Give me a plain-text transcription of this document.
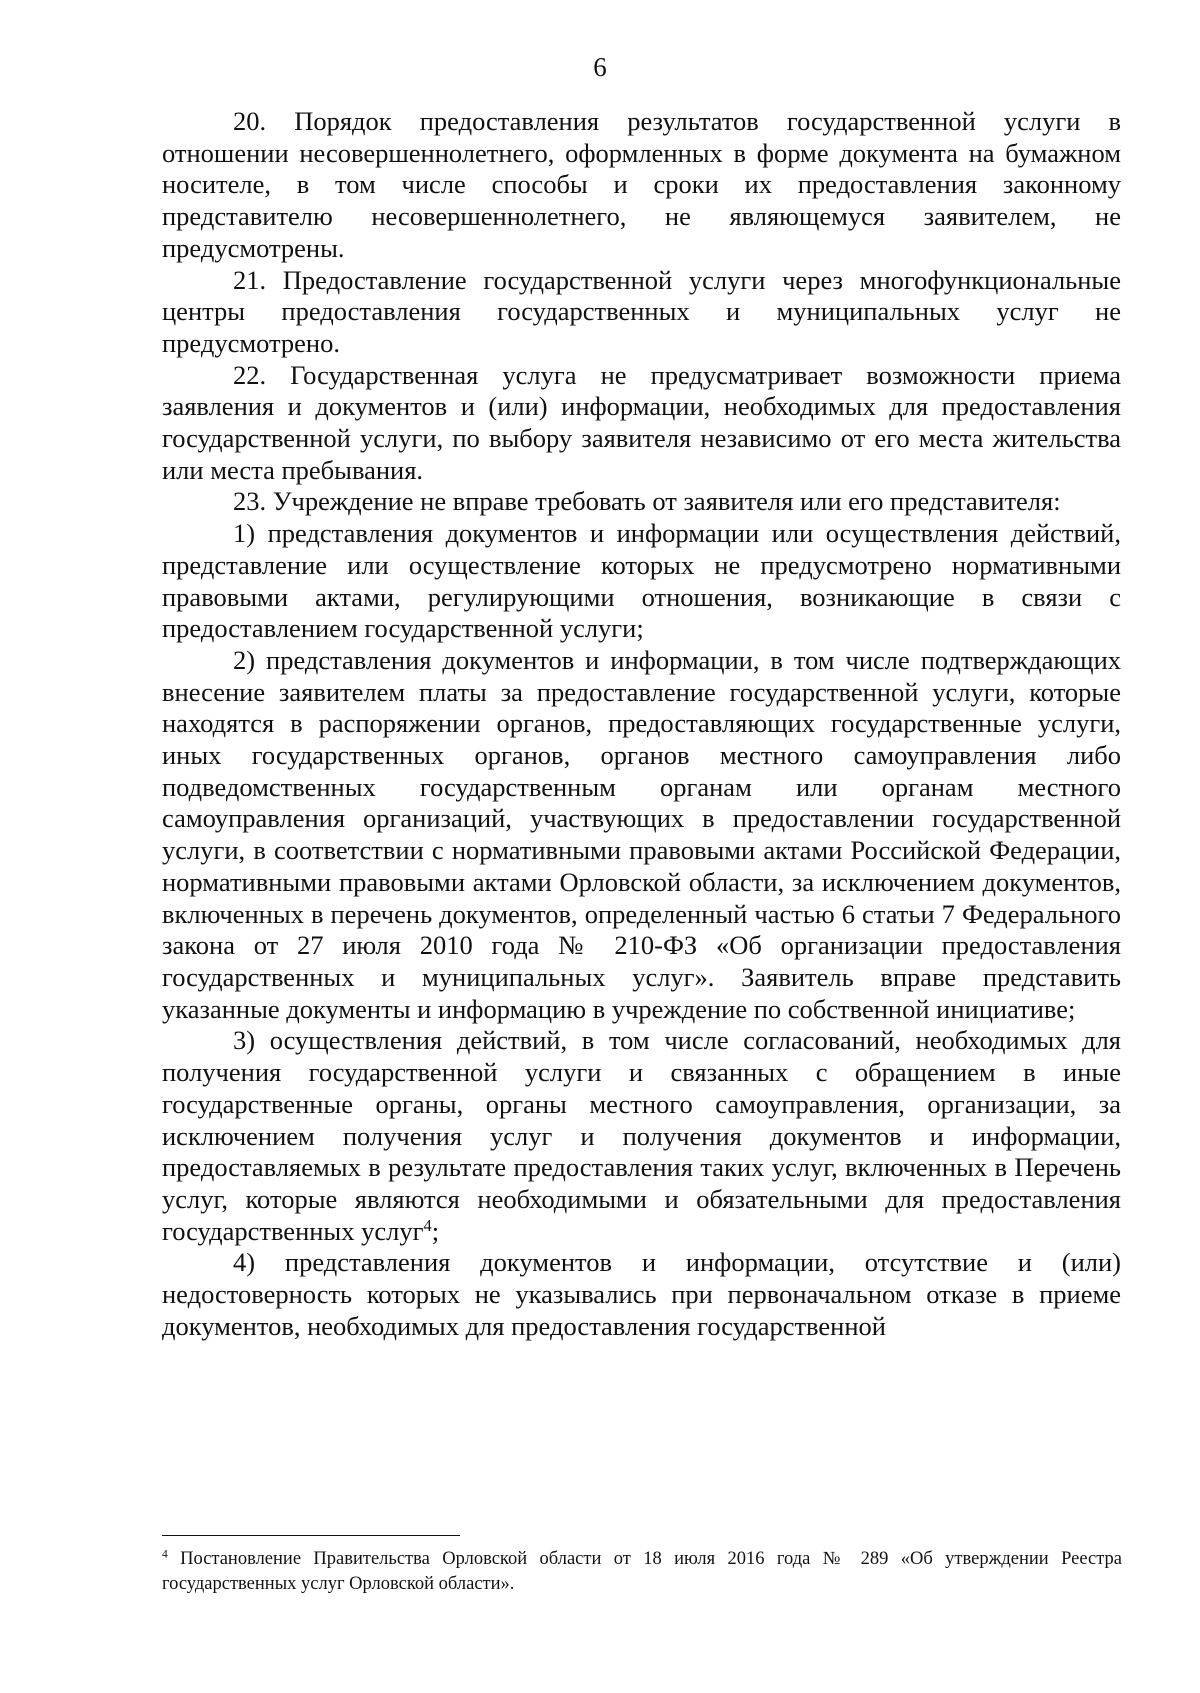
6

20. Порядок предоставления результатов государственной услуги в отношении несовершеннолетнего, оформленных в форме документа на бумажном носителе, в том числе способы и сроки их предоставления законному представителю несовершеннолетнего, не являющемуся заявителем, не предусмотрены.

21. Предоставление государственной услуги через многофункциональные центры предоставления государственных и муниципальных услуг не предусмотрено.

22. Государственная услуга не предусматривает возможности приема заявления и документов и (или) информации, необходимых для предоставления государственной услуги, по выбору заявителя независимо от его места жительства или места пребывания.

23. Учреждение не вправе требовать от заявителя или его представителя:

1) представления документов и информации или осуществления действий, представление или осуществление которых не предусмотрено нормативными правовыми актами, регулирующими отношения, возникающие в связи с предоставлением государственной услуги;

2) представления документов и информации, в том числе подтверждающих внесение заявителем платы за предоставление государственной услуги, которые находятся в распоряжении органов, предоставляющих государственные услуги, иных государственных органов, органов местного самоуправления либо подведомственных государственным органам или органам местного самоуправления организаций, участвующих в предоставлении государственной услуги, в соответствии с нормативными правовыми актами Российской Федерации, нормативными правовыми актами Орловской области, за исключением документов, включенных в перечень документов, определенный частью 6 статьи 7 Федерального закона от 27 июля 2010 года № 210-ФЗ «Об организации предоставления государственных и муниципальных услуг». Заявитель вправе представить указанные документы и информацию в учреждение по собственной инициативе;

3) осуществления действий, в том числе согласований, необходимых для получения государственной услуги и связанных с обращением в иные государственные органы, органы местного самоуправления, организации, за исключением получения услуг и получения документов и информации, предоставляемых в результате предоставления таких услуг, включенных в Перечень услуг, которые являются необходимыми и обязательными для предоставления государственных услуг$^4$;

4) представления документов и информации, отсутствие и (или) недостоверность которых не указывались при первоначальном отказе в приеме документов, необходимых для предоставления государственной

$^4$ Постановление Правительства Орловской области от 18 июля 2016 года № 289 «Об утверждении Реестра государственных услуг Орловской области».
